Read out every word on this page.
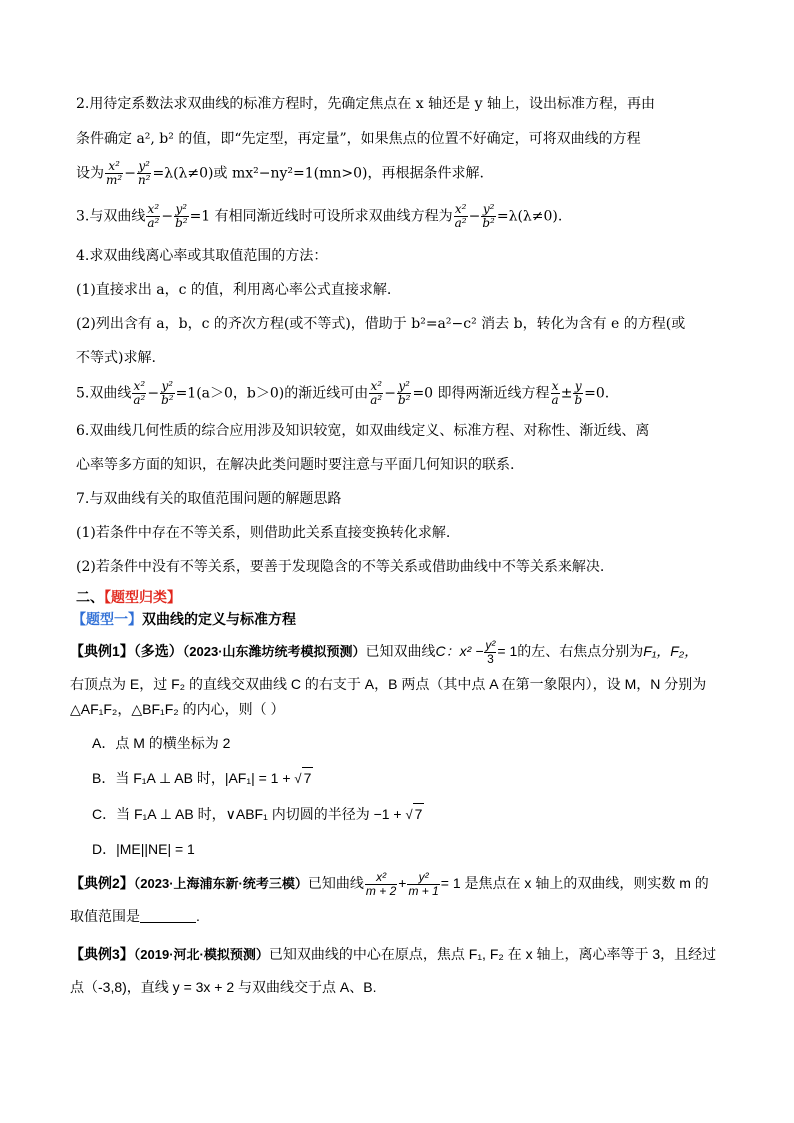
2.用待定系数法求双曲线的标准方程时，先确定焦点在 x 轴还是 y 轴上，设出标准方程，再由
条件确定 a², b² 的值，即“先定型，再定量”，如果焦点的位置不好确定，可将双曲线的方程
设为 $\frac{\text{x²}}{\text{m²}} - \frac{\text{y²}}{\text{n²}} =\lambda(\lambda\ne 0)$或 mx²−ny²=1(mn>0)，再根据条件求解.
3.与双曲线 $\frac{\text{x²}}{\text{a²}} - \frac{\text{y²}}{\text{b²}} =1$ 有相同渐近线时可设所求双曲线方程为 $\frac{\text{x²}}{\text{a²}} - \frac{\text{y²}}{\text{b²}} =\lambda(\lambda\ne 0)$.
4.求双曲线离心率或其取值范围的方法：
(1)直接求出 a，c 的值，利用离心率公式直接求解.
(2)列出含有 a，b，c 的齐次方程(或不等式)，借助于 b²=a²−c² 消去 b，转化为含有 e 的方程(或
不等式)求解.
5.双曲线 $\frac{\text{x²}}{\text{a²}} - \frac{\text{y²}}{\text{b²}} =1(a>0$，b＞0)的渐近线可由 $\frac{\text{x²}}{\text{a²}} - \frac{\text{y²}}{\text{b²}} =0$ 即得两渐近线方程 $\frac{x}{a} \pm \frac{y}{b} =0$.
6.双曲线几何性质的综合应用涉及知识较宽，如双曲线定义、标准方程、对称性、渐近线、离
心率等多方面的知识，在解决此类问题时要注意与平面几何知识的联系.
7.与双曲线有关的取值范围问题的解题思路
(1)若条件中存在不等关系，则借助此关系直接变换转化求解.
(2)若条件中没有不等关系，要善于发现隐含的不等关系或借助曲线中不等关系来解决.
二、【题型归类】
【题型一】双曲线的定义与标准方程
【典例1】（多选）（2023·山东潍坊统考模拟预测）已知双曲线C：$x^2 - \frac{\text{y²}}{3} = 1$的左、右焦点分别为F₁，F₂，
右顶点为 E，过 F₂ 的直线交双曲线 C 的右支于 A，B 两点（其中点 A 在第一象限内），设 M，N 分别为
△AF₁F₂，△BF₁F₂ 的内心，则（ ）
A．点 M 的横坐标为 2
B．当 F₁A ⊥ AB 时，|AF₁| = 1 + √ 7
C．当 F₁A ⊥ AB 时，∨ABF₁ 内切圆的半径为 −1 + √ 7
D．|ME||NE| = 1
【典例2】（2023·上海浦东新·统考三模）已知曲线 $\frac{\text{x²}}{m + 2} + \frac{\text{y²}}{m + 1} = 1$ 是焦点在 x 轴上的双曲线，则实数 m 的
取值范围是	.
【典例3】（2019·河北·模拟预测）已知双曲线的中心在原点，焦点 F₁, F₂ 在 x 轴上，离心率等于 3，且经过
点（-3,8)，直线 y = 3x + 2 与双曲线交于点 A、B.
